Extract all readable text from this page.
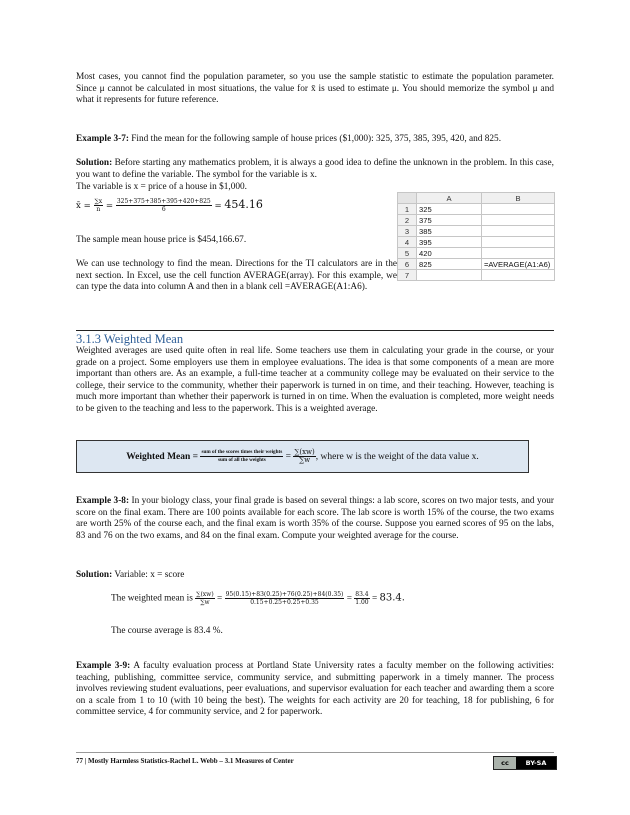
Most cases, you cannot find the population parameter, so you use the sample statistic to estimate the population parameter. Since μ cannot be calculated in most situations, the value for x̄ is used to estimate μ. You should memorize the symbol μ and what it represents for future reference.
Example 3-7: Find the mean for the following sample of house prices ($1,000): 325, 375, 385, 395, 420, and 825.
Solution: Before starting any mathematics problem, it is always a good idea to define the unknown in the problem. In this case, you want to define the variable. The symbol for the variable is x.
The variable is x = price of a house in $1,000.
x̄ = $\frac{\sum x}{n} = \frac{325+375+385+395+420+825}{6}$ = 454.16̄
The sample mean house price is $454,166.67.
We can use technology to find the mean. Directions for the TI calculators are in the next section. In Excel, use the cell function AVERAGE(array). For this example, we can type the data into column A and then in a blank cell =AVERAGE(A1:A6).
	A	B
1	325	
2	375	
3	385	
4	395	
5	420	
6	825	=AVERAGE(A1:A6)
7		
3.1.3 Weighted Mean
Weighted averages are used quite often in real life. Some teachers use them in calculating your grade in the course, or your grade on a project. Some employers use them in employee evaluations. The idea is that some components of a mean are more important than others are. As an example, a full-time teacher at a community college may be evaluated on their service to the college, their service to the community, whether their paperwork is turned in on time, and their teaching. However, teaching is much more important than whether their paperwork is turned in on time. When the evaluation is completed, more weight needs to be given to the teaching and less to the paperwork. This is a weighted average.
Weighted Mean =
$\frac{\text{sum of the scores times their weights}}{\text{sum of all the weights}}$
=
$\frac{\sum(xw)}{\sum w}$ , where w is the weight of the data value x.
Example 3-8: In your biology class, your final grade is based on several things: a lab score, scores on two major tests, and your score on the final exam. There are 100 points available for each score. The lab score is worth 15% of the course, the two exams are worth 25% of the course each, and the final exam is worth 35% of the course. Suppose you earned scores of 95 on the labs, 83 and 76 on the two exams, and 84 on the final exam. Compute your weighted average for the course.
Solution: Variable: x = score
The weighted mean is $\frac{\sum(xw)}{\sum w} = \frac{95(0.15)+83(0.25)+76(0.25)+84(0.35)}{0.15+0.25+0.25+0.35} = \frac{83.4}{1.00} = 83.4$.
The course average is 83.4 %.
Example 3-9: A faculty evaluation process at Portland State University rates a faculty member on the following activities: teaching, publishing, committee service, community service, and submitting paperwork in a timely manner. The process involves reviewing student evaluations, peer evaluations, and supervisor evaluation for each teacher and awarding them a score on a scale from 1 to 10 (with 10 being the best). The weights for each activity are 20 for teaching, 18 for publishing, 6 for committee service, 4 for community service, and 2 for paperwork.
77 | Mostly Harmless Statistics-Rachel L. Webb – 3.1 Measures of Center	cc	BY-SA
